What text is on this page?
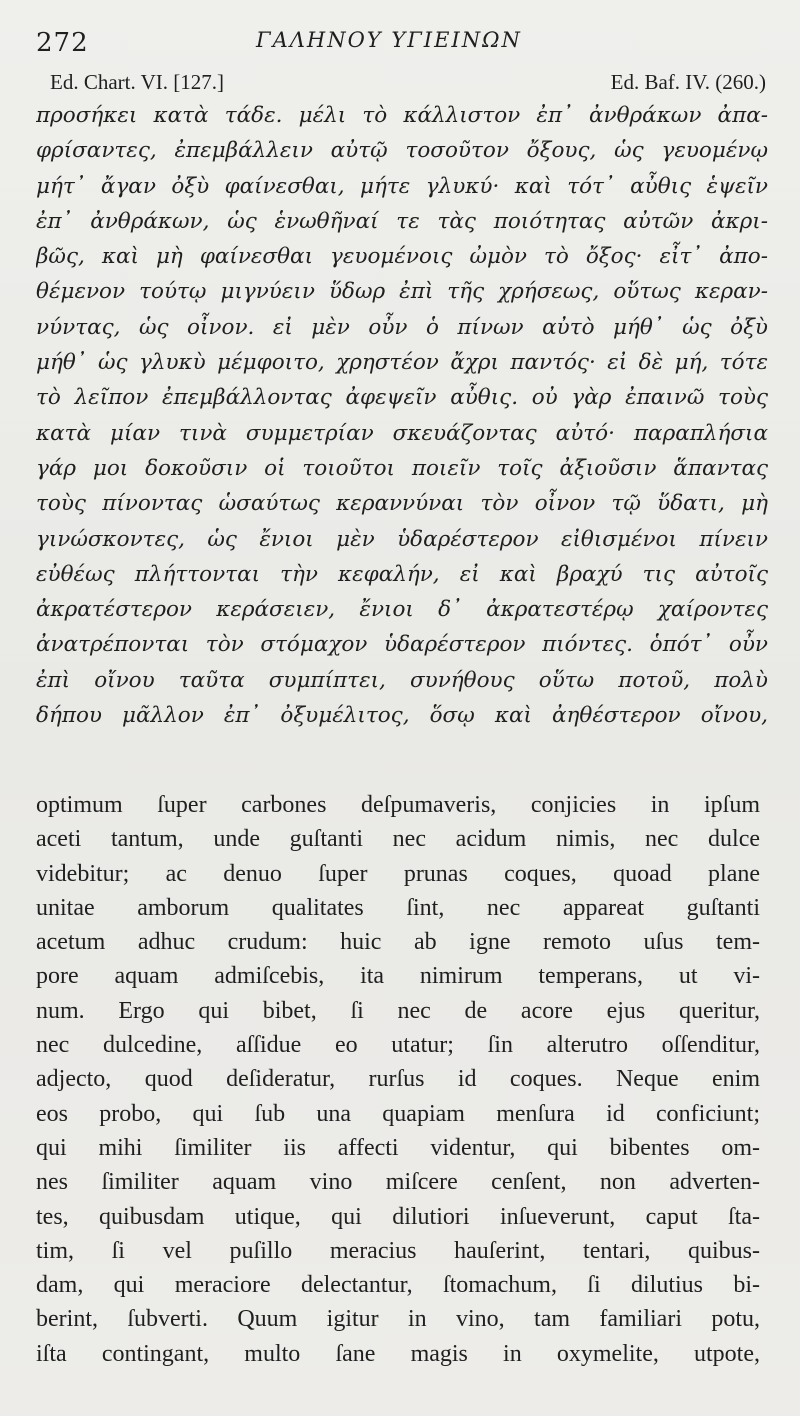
272	ΓΑΛΗΝΟΥ ΥΓΙΕΙΝΩΝ
Ed. Chart. VI. [127.]	Ed. Baf. IV. (260.)
προσήκει κατὰ τάδε. μέλι τὸ κάλλιστον ἐπ᾽ ἀνθράκων ἀπα-
φρίσαντες, ἐπεμβάλλειν αὐτῷ τοσοῦτον ὄξους, ὡς γευομένῳ
μήτ᾽ ἄγαν ὀξὺ φαίνεσθαι, μήτε γλυκύ· καὶ τότ᾽ αὖθις ἑψεῖν
ἐπ᾽ ἀνθράκων, ὡς ἑνωθῆναί τε τὰς ποιότητας αὐτῶν ἀκρι-
βῶς, καὶ μὴ φαίνεσθαι γευομένοις ὠμὸν τὸ ὄξος· εἶτ᾽ ἀπο-
θέμενον τούτῳ μιγνύειν ὕδωρ ἐπὶ τῆς χρήσεως, οὕτως κεραν-
νύντας, ὡς οἶνον. εἰ μὲν οὖν ὁ πίνων αὐτὸ μήθ᾽ ὡς ὀξὺ
μήθ᾽ ὡς γλυκὺ μέμφοιτο, χρηστέον ἄχρι παντός· εἰ δὲ μή, τότε
τὸ λεῖπον ἐπεμβάλλοντας ἀφεψεῖν αὖθις. οὐ γὰρ ἐπαινῶ τοὺς
κατὰ μίαν τινὰ συμμετρίαν σκευάζοντας αὐτό· παραπλήσια
γάρ μοι δοκοῦσιν οἱ τοιοῦτοι ποιεῖν τοῖς ἀξιοῦσιν ἅπαντας
τοὺς πίνοντας ὡσαύτως κεραννύναι τὸν οἶνον τῷ ὕδατι, μὴ
γινώσκοντες, ὡς ἔνιοι μὲν ὑδαρέστερον εἰθισμένοι πίνειν
εὐθέως πλήττονται τὴν κεφαλήν, εἰ καὶ βραχύ τις αὐτοῖς
ἀκρατέστερον κεράσειεν, ἔνιοι δ᾽ ἀκρατεστέρῳ χαίροντες
ἀνατρέπονται τὸν στόμαχον ὑδαρέστερον πιόντες. ὁπότ᾽ οὖν
ἐπὶ οἴνου ταῦτα συμπίπτει, συνήθους οὕτω ποτοῦ, πολὺ
δήπου μᾶλλον ἐπ᾽ ὀξυμέλιτος, ὅσῳ καὶ ἀηθέστερον οἴνου,
optimum ſuper carbones deſpumaveris, conjicies in ipſum
aceti tantum, unde guſtanti nec acidum nimis, nec dulce
videbitur; ac denuo ſuper prunas coques, quoad plane
unitae amborum qualitates ſint, nec appareat guſtanti
acetum adhuc crudum: huic ab igne remoto uſus tem-
pore aquam admiſcebis, ita nimirum temperans, ut vi-
num. Ergo qui bibet, ſi nec de acore ejus queritur,
nec dulcedine, aſſidue eo utatur; ſin alterutro oſſenditur,
adjecto, quod deſideratur, rurſus id coques. Neque enim
eos probo, qui ſub una quapiam menſura id conficiunt;
qui mihi ſimiliter iis affecti videntur, qui bibentes om-
nes ſimiliter aquam vino miſcere cenſent, non adverten-
tes, quibusdam utique, qui dilutiori inſueverunt, caput ſta-
tim, ſi vel puſillo meracius hauſerint, tentari, quibus-
dam, qui meraciore delectantur, ſtomachum, ſi dilutius bi-
berint, ſubverti. Quum igitur in vino, tam familiari potu,
iſta contingant, multo ſane magis in oxymelite, utpote,
